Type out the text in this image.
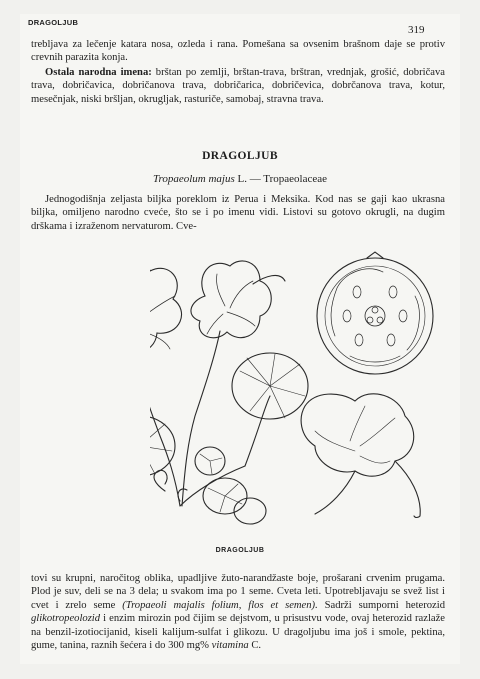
DRAGOLJUB
319

trebljava za lečenje katara nosa, ozleda i rana. Pomešana sa ovsenim brašnom daje se protiv crevnih parazita konja.

Ostala narodna imena: brštan po zemlji, brštan-trava, brštran, vrednjak, grošić, dobričava trava, dobričavica, dobričanova trava, dobričarica, dobričevica, dobrčanova trava, kotur, mesečnjak, niski bršljan, okrugljak, rasturiče, samobaj, stravna trava.

DRAGOLJUB
Tropaeolum majus L. — Tropaeolaceae

Jednogodišnja zeljasta biljka poreklom iz Perua i Meksika. Kod nas se gaji kao ukrasna biljka, omiljeno narodno cveće, što se i po imenu vidi. Listovi su gotovo okrugli, na dugim drškama i izraženom nervaturom. Cve-

DRAGOLJUB

tovi su krupni, naročitog oblika, upadljive žuto-narandžaste boje, prošarani crvenim prugama. Plod je suv, deli se na 3 dela; u svakom ima po 1 seme. Cveta leti. Upotrebljavaju se svež list i cvet i zrelo seme (Tropaeoli majalis folium, flos et semen). Sadrži sumporni heterozid glikotropeolozid i enzim mirozin pod čijim se dejstvom, u prisustvu vode, ovaj heterozid razlaže na benzil-izotiocijanid, kiseli kalijum-sulfat i glikozu. U dragoljubu ima još i smole, pektina, gume, tanina, raznih šećera i do 300 mg% vitamina C.
